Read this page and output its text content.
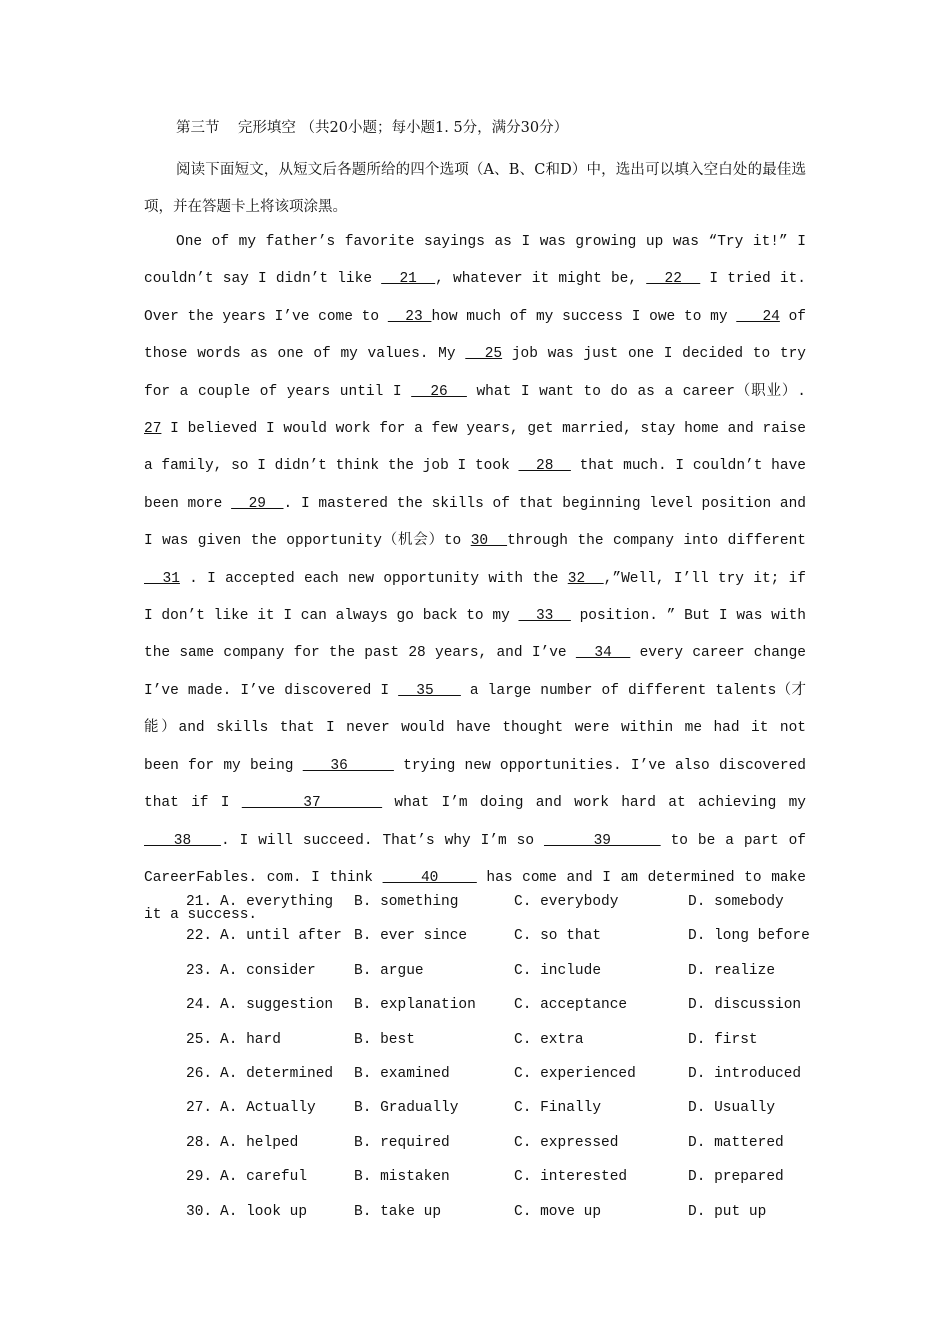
第三节    完形填空 （共20小题；每小题1. 5分，满分30分）

阅读下面短文，从短文后各题所给的四个选项（A、B、C和D）中，选出可以填入空白处的最佳选项，并在答题卡上将该项涂黑。

One of my father’s favorite sayings as I was growing up was “Try it!” I couldn’t say I didn’t like   21  , whatever it might be,   22   I tried it. Over the years I’ve come to   23 how much of my success I owe to my    24 of those words as one of my values. My   25 job was just one I decided to try for a couple of years until I   26   what I want to do as a career（职业）. 27 I believed I would work for a few years, get married, stay home and raise a family, so I didn’t think the job I took   28   that much. I couldn’t have been more   29  . I mastered the skills of that beginning level position and I was given the opportunity（机会）to 30  through the company into different   31 . I accepted each new opportunity with the 32  ,”Well, I’ll try it; if I don’t like it I can always go back to my   33   position. ” But I was with the same company for the past 28 years, and I’ve   34   every career change I’ve made. I’ve discovered I   35    a large number of different talents（才能）and skills that I never would have thought were within me had it not been for my being    36      trying new opportunities. I’ve also discovered that if I      37      what I’m doing and work hard at achieving my    38   . I will succeed. That’s why I’m so      39      to be a part of CareerFables. com. I think     40     has come and I am determined to make it a success.

21. A. everything B. something	C. everybody	D. somebody
22. A. until after B. ever since	C. so that	D. long before
23. A. consider	B. argue	C. include	D. realize
24. A. suggestion B. explanation	C. acceptance	D. discussion
25. A. hard	B. best	C. extra	D. first
26. A. determined B. examined	C. experienced	D. introduced
27. A. Actually	B. Gradually	C. Finally	D. Usually
28. A. helped	B. required	C. expressed	D. mattered
29. A. careful	B. mistaken	C. interested	D. prepared
30. A. look up	B. take up	C. move up	D. put up
